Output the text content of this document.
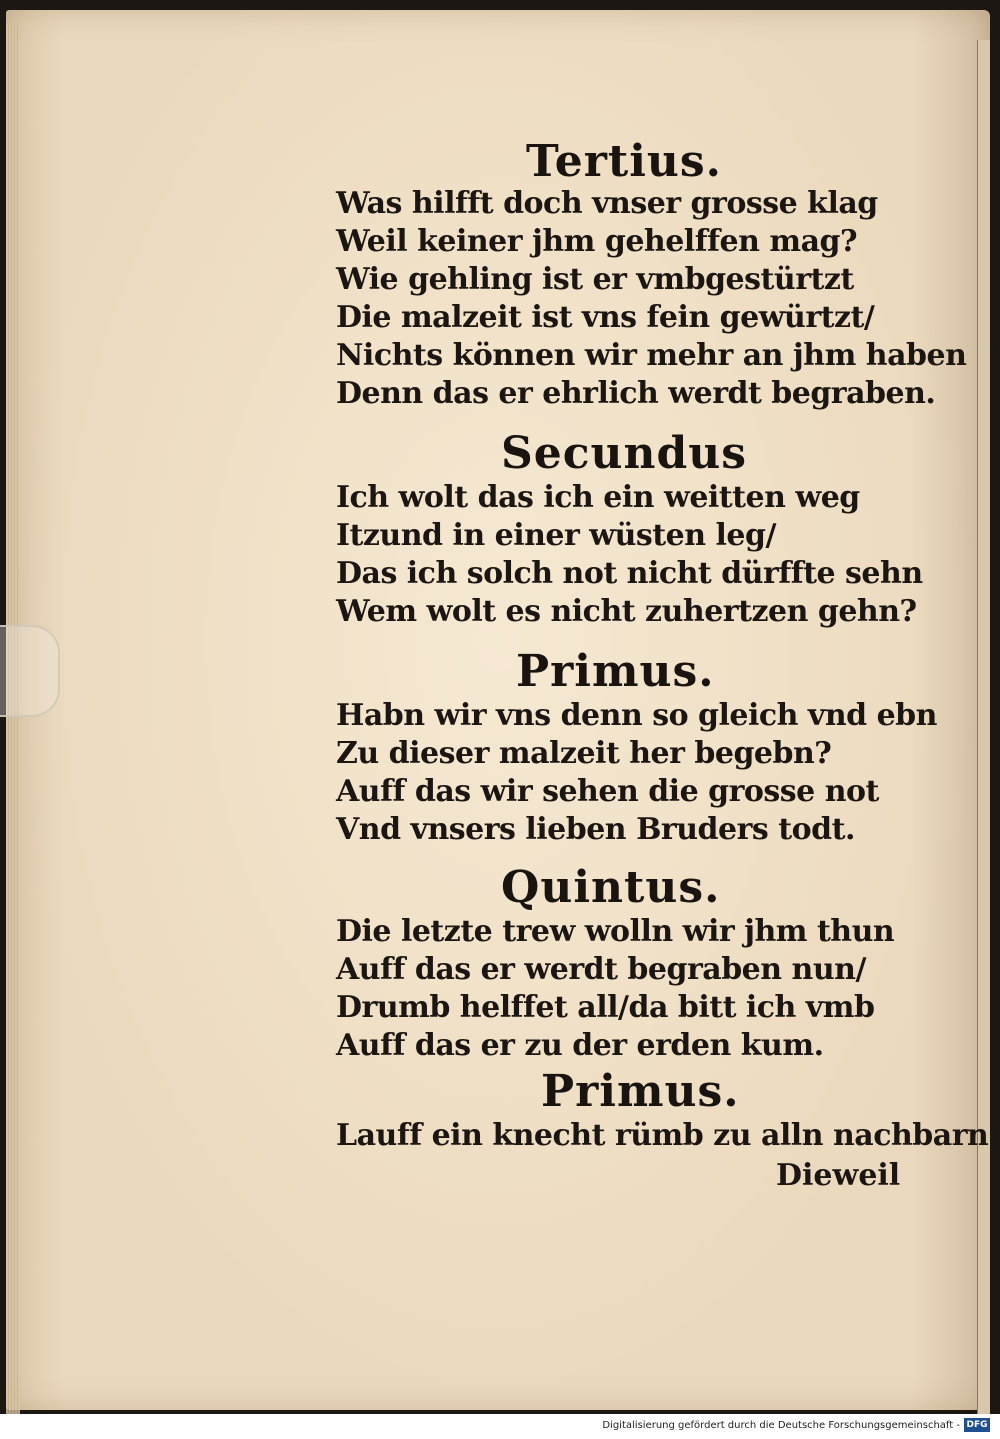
Tertius.
Was hilfft doch vnser grosse klag
Weil keiner jhm gehelffen mag?
Wie gehling ist er vmbgestürtzt
Die malzeit ist vns fein gewürtzt/
Nichts können wir mehr an jhm haben
Denn das er ehrlich werdt begraben.
Secundus
Ich wolt das ich ein weitten weg
Itzund in einer wüsten leg/
Das ich solch not nicht dürffte sehn
Wem wolt es nicht zuhertzen gehn?
Primus.
Habn wir vns denn so gleich vnd ebn
Zu dieser malzeit her begebn?
Auff das wir sehen die grosse not
Vnd vnsers lieben Bruders todt.
Quintus.
Die letzte trew wolln wir jhm thun
Auff das er werdt begraben nun/
Drumb helffet all/da bitt ich vmb
Auff das er zu der erden kum.
Primus.
Lauff ein knecht rümb zu alln nachbarn
Dieweil
Digitalisierung gefördert durch die Deutsche Forschungsgemeinschaft - DFG
